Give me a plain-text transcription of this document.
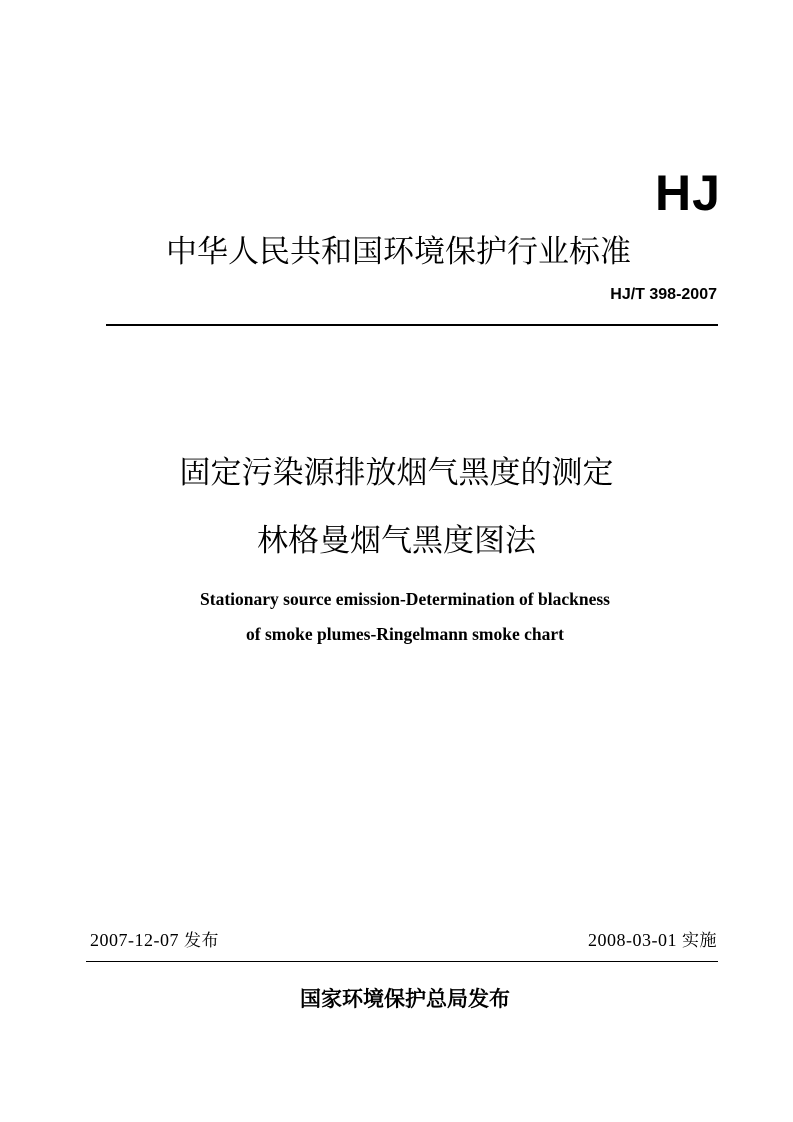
HJ
中华人民共和国环境保护行业标准
HJ/T 398-2007
固定污染源排放烟气黑度的测定
林格曼烟气黑度图法
Stationary source emission-Determination of blackness
of smoke plumes-Ringelmann smoke chart
2007-12-07 发布	2008-03-01 实施
国家环境保护总局发布
